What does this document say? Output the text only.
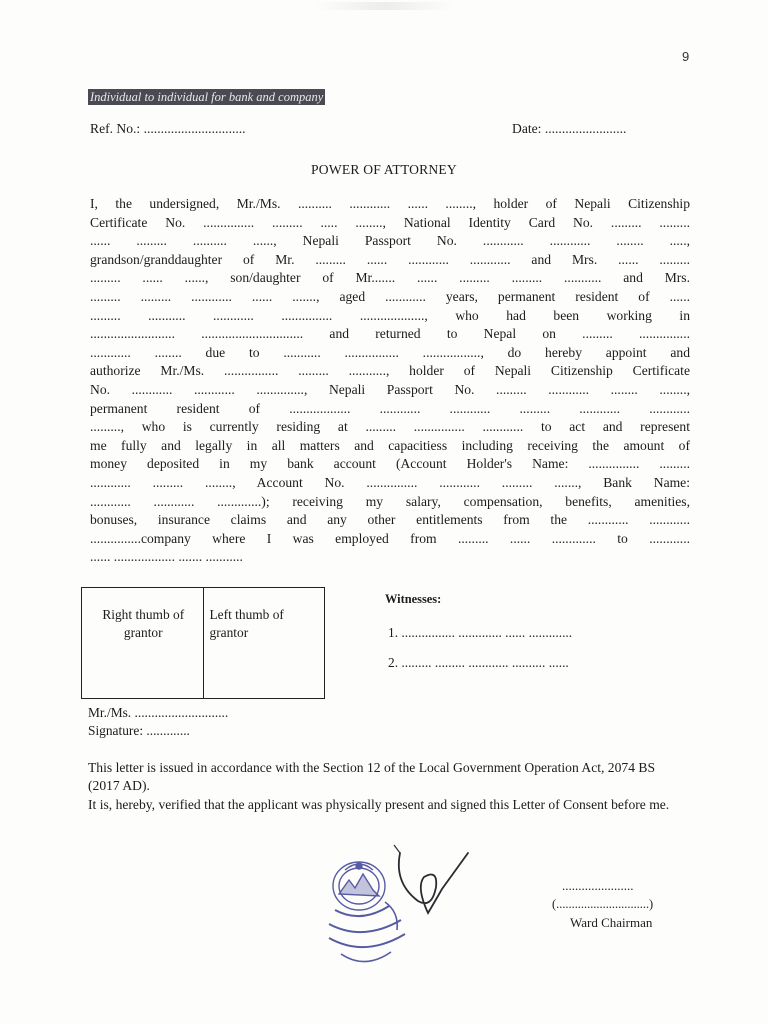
9
Individual to individual for bank and company
Ref. No.: ..............................	Date: ........................
POWER OF ATTORNEY
I, the undersigned, Mr./Ms. .......... ............ ...... ........, holder of Nepali Citizenship
Certificate No. ............... ......... ..... ........, National Identity Card No. ......... .........
...... ......... .......... ......, Nepali Passport No. ............ ............ ........ .....,
grandson/granddaughter of Mr. ......... ...... ............ ............ and Mrs. ...... .........
......... ...... ......, son/daughter of Mr....... ...... ......... ......... ........... and Mrs.
......... ......... ............ ...... ......., aged ............ years, permanent resident of ......
......... ........... ............ ............... ..................., who had been working in
......................... .............................. and returned to Nepal on ......... ...............
............ ........ due to ........... ................ ................., do hereby appoint and
authorize Mr./Ms. ................ ......... ..........., holder of Nepali Citizenship Certificate
No. ............ ............ .............., Nepali Passport No. ......... ............ ........ ........,
permanent resident of .................. ............ ............ ......... ............ ............
........., who is currently residing at ......... ............... ............ to act and represent
me fully and legally in all matters and capacitiess including receiving the amount of
money deposited in my bank account (Account Holder's Name: ............... .........
............ ......... ........, Account No. ............... ............ ......... ......., Bank Name:
............ ............ .............); receiving my salary, compensation, benefits, amenities,
bonuses, insurance claims and any other entitlements from the ............ ............
...............company where I was employed from ......... ...... ............. to ............
...... .................. ....... ...........
Right thumb of grantor
Left thumb of grantor
Witnesses:
1. ................ ............. ...... .............
2. ......... ......... ............ .......... ......
Mr./Ms. ............................
Signature: .............
This letter is issued in accordance with the Section 12 of the Local Government Operation Act, 2074 BS (2017 AD).
It is, hereby, verified that the applicant was physically present and signed this Letter of Consent before me.
......................
(..............................)
Ward Chairman
